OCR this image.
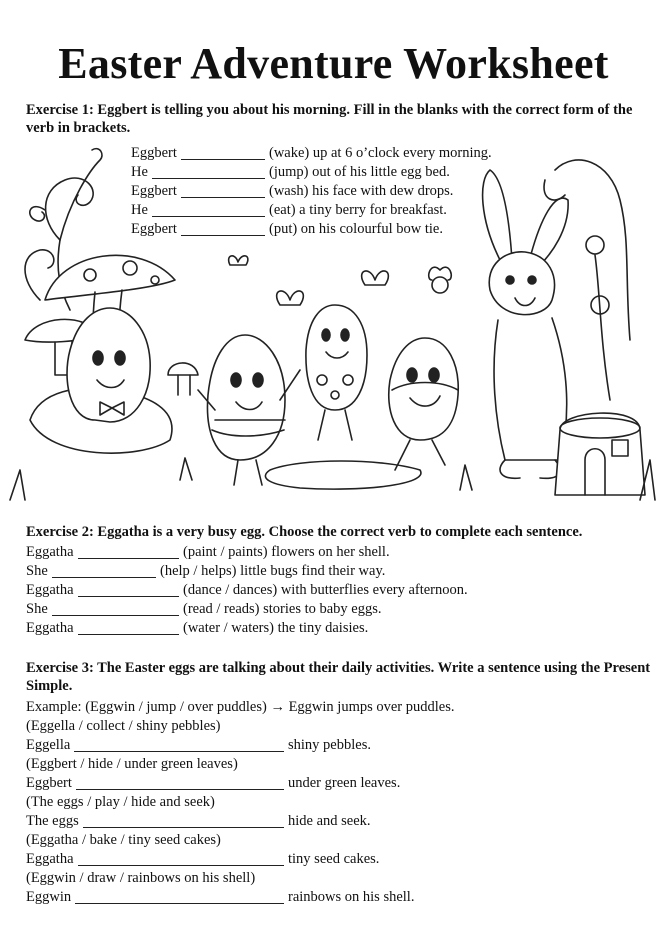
Easter Adventure Worksheet
Exercise 1: Eggbert is telling you about his morning. Fill in the blanks with the correct form of the verb in brackets.
Eggbert	(wake) up at 6 o’clock every morning.
He	(jump) out of his little egg bed.
Eggbert	(wash) his face with dew drops.
He	(eat) a tiny berry for breakfast.
Eggbert	(put) on his colourful bow tie.
Exercise 2: Eggatha is a very busy egg. Choose the correct verb to complete each sentence.
Eggatha	(paint / paints) flowers on her shell.
She	(help / helps) little bugs find their way.
Eggatha	(dance / dances) with butterflies every afternoon.
She	(read / reads) stories to baby eggs.
Eggatha	(water / waters) the tiny daisies.
Exercise 3: The Easter eggs are talking about their daily activities. Write a sentence using the Present Simple.
Example: (Eggwin / jump / over puddles) → Eggwin jumps over puddles.
(Eggella / collect / shiny pebbles)
Eggella	shiny pebbles.
(Eggbert / hide / under green leaves)
Eggbert	under green leaves.
(The eggs / play / hide and seek)
The eggs	hide and seek.
(Eggatha / bake / tiny seed cakes)
Eggatha	tiny seed cakes.
(Eggwin / draw / rainbows on his shell)
Eggwin	rainbows on his shell.
